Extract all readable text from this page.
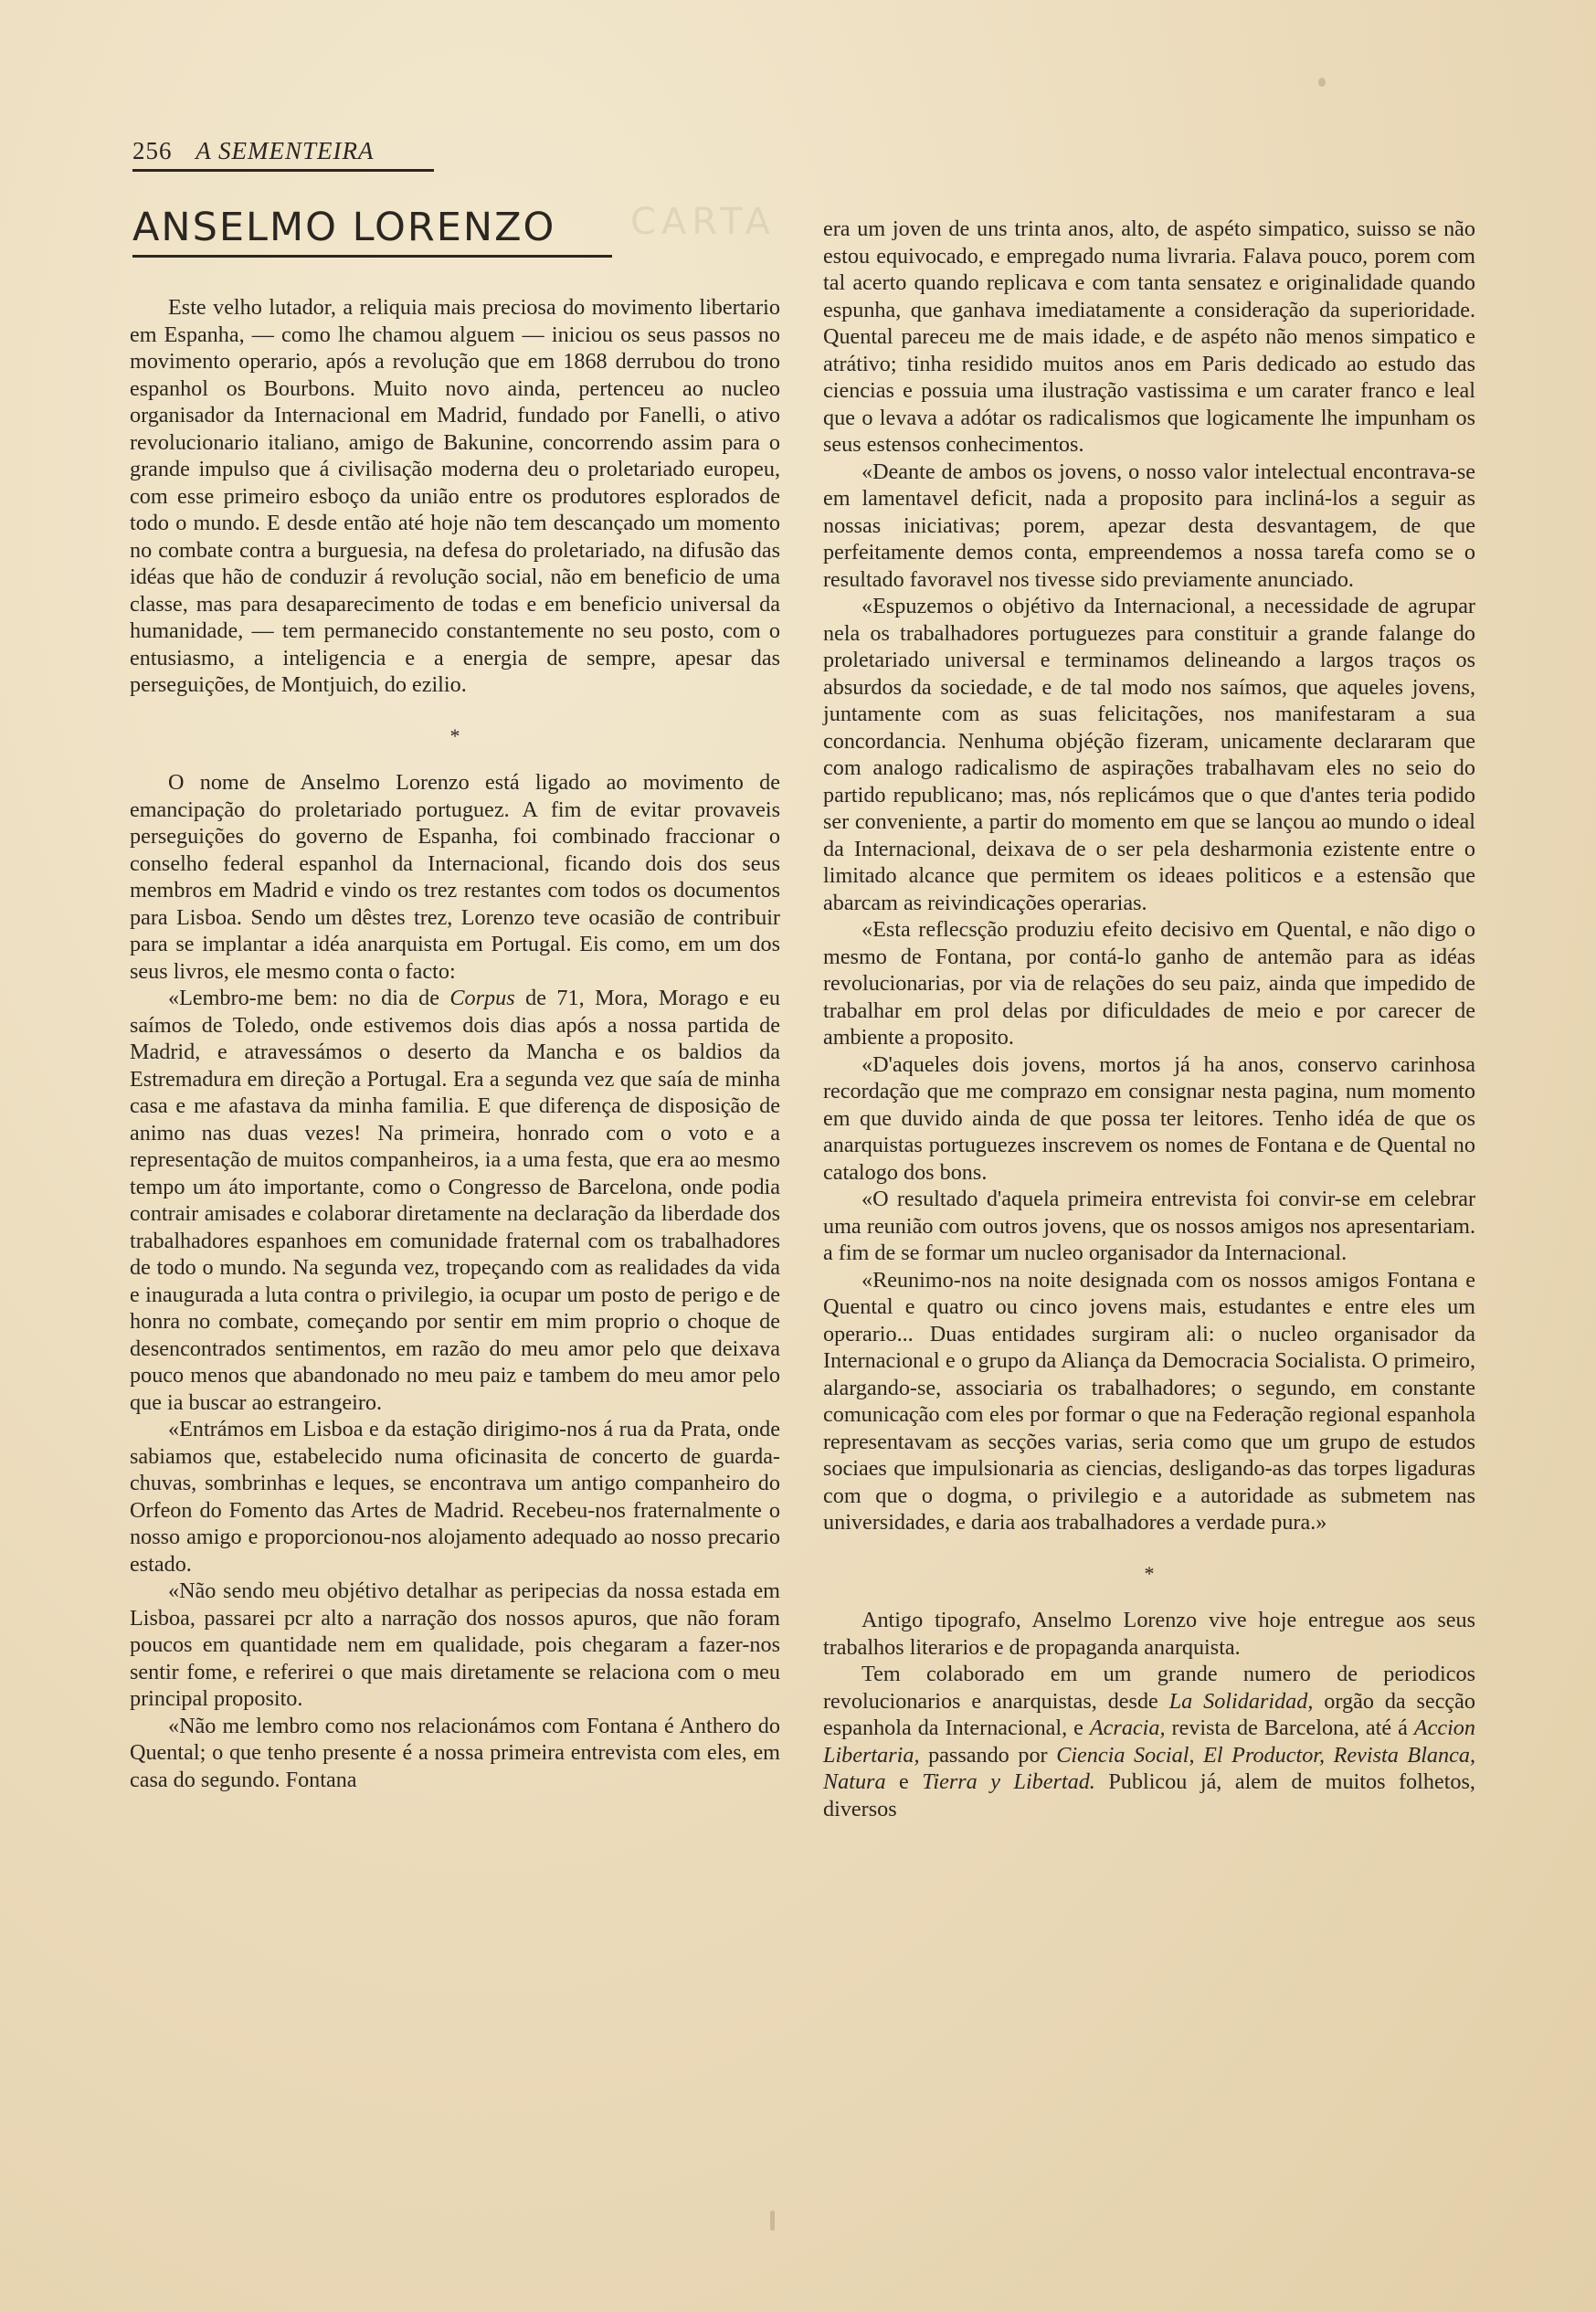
256 A SEMENTEIRA
CARTA
ANSELMO LORENZO

Este velho lutador, a reliquia mais preciosa do movimento libertario em Espanha, — como lhe chamou alguem — iniciou os seus passos no movimento operario, após a revolução que em 1868 derrubou do trono espanhol os Bourbons. Muito novo ainda, pertenceu ao nucleo organisador da Internacional em Madrid, fundado por Fanelli, o ativo revolucionario italiano, amigo de Bakunine, concorrendo assim para o grande impulso que á civilisação moderna deu o proletariado europeu, com esse primeiro esboço da união entre os produtores esplorados de todo o mundo. E desde então até hoje não tem descançado um momento no combate contra a burguesia, na defesa do proletariado, na difusão das idéas que hão de conduzir á revolução social, não em beneficio de uma classe, mas para desaparecimento de todas e em beneficio universal da humanidade, — tem permanecido constantemente no seu posto, com o entusiasmo, a inteligencia e a energia de sempre, apesar das perseguições, de Montjuich, do ezilio.

*

O nome de Anselmo Lorenzo está ligado ao movimento de emancipação do proletariado portuguez. A fim de evitar provaveis perseguições do governo de Espanha, foi combinado fraccionar o conselho federal espanhol da Internacional, ficando dois dos seus membros em Madrid e vindo os trez restantes com todos os documentos para Lisboa. Sendo um dêstes trez, Lorenzo teve ocasião de contribuir para se implantar a idéa anarquista em Portugal. Eis como, em um dos seus livros, ele mesmo conta o facto:

«Lembro-me bem: no dia de Corpus de 71, Mora, Morago e eu saímos de Toledo, onde estivemos dois dias após a nossa partida de Madrid, e atravessámos o deserto da Mancha e os baldios da Estremadura em direção a Portugal. Era a segunda vez que saía de minha casa e me afastava da minha familia. E que diferença de disposição de animo nas duas vezes! Na primeira, honrado com o voto e a representação de muitos companheiros, ia a uma festa, que era ao mesmo tempo um áto importante, como o Congresso de Barcelona, onde podia contrair amisades e colaborar diretamente na declaração da liberdade dos trabalhadores espanhoes em comunidade fraternal com os trabalhadores de todo o mundo. Na segunda vez, tropeçando com as realidades da vida e inaugurada a luta contra o privilegio, ia ocupar um posto de perigo e de honra no combate, começando por sentir em mim proprio o choque de desencontrados sentimentos, em razão do meu amor pelo que deixava pouco menos que abandonado no meu paiz e tambem do meu amor pelo que ia buscar ao estrangeiro.

«Entrámos em Lisboa e da estação dirigimo-nos á rua da Prata, onde sabiamos que, estabelecido numa oficinasita de concerto de guarda-chuvas, sombrinhas e leques, se encontrava um antigo companheiro do Orfeon do Fomento das Artes de Madrid. Recebeu-nos fraternalmente o nosso amigo e proporcionou-nos alojamento adequado ao nosso precario estado.

«Não sendo meu objétivo detalhar as peripecias da nossa estada em Lisboa, passarei pcr alto a narração dos nossos apuros, que não foram poucos em quantidade nem em qualidade, pois chegaram a fazer-nos sentir fome, e referirei o que mais diretamente se relaciona com o meu principal proposito.

«Não me lembro como nos relacionámos com Fontana é Anthero do Quental; o que tenho presente é a nossa primeira entrevista com eles, em casa do segundo. Fontana

era um joven de uns trinta anos, alto, de aspéto simpatico, suisso se não estou equivocado, e empregado numa livraria. Falava pouco, porem com tal acerto quando replicava e com tanta sensatez e originalidade quando espunha, que ganhava imediatamente a consideração da superioridade. Quental pareceu me de mais idade, e de aspéto não menos simpatico e atrátivo; tinha residido muitos anos em Paris dedicado ao estudo das ciencias e possuia uma ilustração vastissima e um carater franco e leal que o levava a adótar os radicalismos que logicamente lhe impunham os seus estensos conhecimentos.

«Deante de ambos os jovens, o nosso valor intelectual encontrava-se em lamentavel deficit, nada a proposito para incliná-los a seguir as nossas iniciativas; porem, apezar desta desvantagem, de que perfeitamente demos conta, empreendemos a nossa tarefa como se o resultado favoravel nos tivesse sido previamente anunciado.

«Espuzemos o objétivo da Internacional, a necessidade de agrupar nela os trabalhadores portuguezes para constituir a grande falange do proletariado universal e terminamos delineando a largos traços os absurdos da sociedade, e de tal modo nos saímos, que aqueles jovens, juntamente com as suas felicitações, nos manifestaram a sua concordancia. Nenhuma objéção fizeram, unicamente declararam que com analogo radicalismo de aspirações trabalhavam eles no seio do partido republicano; mas, nós replicámos que o que d'antes teria podido ser conveniente, a partir do momento em que se lançou ao mundo o ideal da Internacional, deixava de o ser pela desharmonia ezistente entre o limitado alcance que permitem os ideaes politicos e a estensão que abarcam as reivindicações operarias.

«Esta reflecsção produziu efeito decisivo em Quental, e não digo o mesmo de Fontana, por contá-lo ganho de antemão para as idéas revolucionarias, por via de relações do seu paiz, ainda que impedido de trabalhar em prol delas por dificuldades de meio e por carecer de ambiente a proposito.

«D'aqueles dois jovens, mortos já ha anos, conservo carinhosa recordação que me comprazo em consignar nesta pagina, num momento em que duvido ainda de que possa ter leitores. Tenho idéa de que os anarquistas portuguezes inscrevem os nomes de Fontana e de Quental no catalogo dos bons.

«O resultado d'aquela primeira entrevista foi convir-se em celebrar uma reunião com outros jovens, que os nossos amigos nos apresentariam. a fim de se formar um nucleo organisador da Internacional.

«Reunimo-nos na noite designada com os nossos amigos Fontana e Quental e quatro ou cinco jovens mais, estudantes e entre eles um operario... Duas entidades surgiram ali: o nucleo organisador da Internacional e o grupo da Aliança da Democracia Socialista. O primeiro, alargando-se, associaria os trabalhadores; o segundo, em constante comunicação com eles por formar o que na Federação regional espanhola representavam as secções varias, seria como que um grupo de estudos sociaes que impulsionaria as ciencias, desligando-as das torpes ligaduras com que o dogma, o privilegio e a autoridade as submetem nas universidades, e daria aos trabalhadores a verdade pura.»

*

Antigo tipografo, Anselmo Lorenzo vive hoje entregue aos seus trabalhos literarios e de propaganda anarquista.

Tem colaborado em um grande numero de periodicos revolucionarios e anarquistas, desde La Solidaridad, orgão da secção espanhola da Internacional, e Acracia, revista de Barcelona, até á Accion Libertaria, passando por Ciencia Social, El Productor, Revista Blanca, Natura e Tierra y Libertad. Publicou já, alem de muitos folhetos, diversos
